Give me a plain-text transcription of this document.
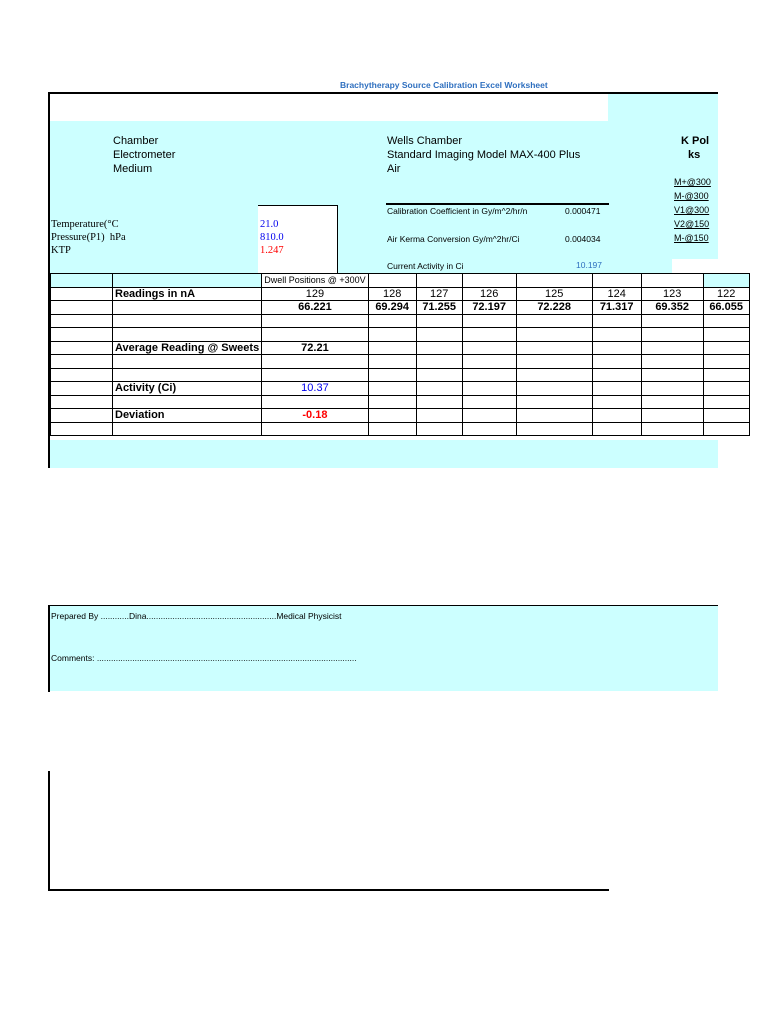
Brachytherapy Source Calibration Excel Worksheet
Chamber
Electrometer
Medium
Wells Chamber
Standard Imaging Model MAX-400 Plus
Air
K Pol
ks
M+@300
M-@300
V1@300
V2@150
M-@150
Temperature(°C	21.0
Pressure(P1)  hPa	810.0
KTP	1.247
Calibration Coefficient in Gy/m^2/hr/n	0.000471
Air Kerma Conversion Gy/m^2hr/Ci	0.004034
Current Activity in Ci	10.197
		Dwell Positions @ +300V							
	Readings in nA	129	128	127	126	125	124	123	122
		66.221	69.294	71.255	72.197	72.228	71.317	69.352	66.055

	Average Reading @ Sweets	72.21							

	Activity (Ci)	10.37							

	Deviation	-0.18							

Prepared By ............Dina.......................................................Medical Physicist
Comments: ..............................................................................................................
